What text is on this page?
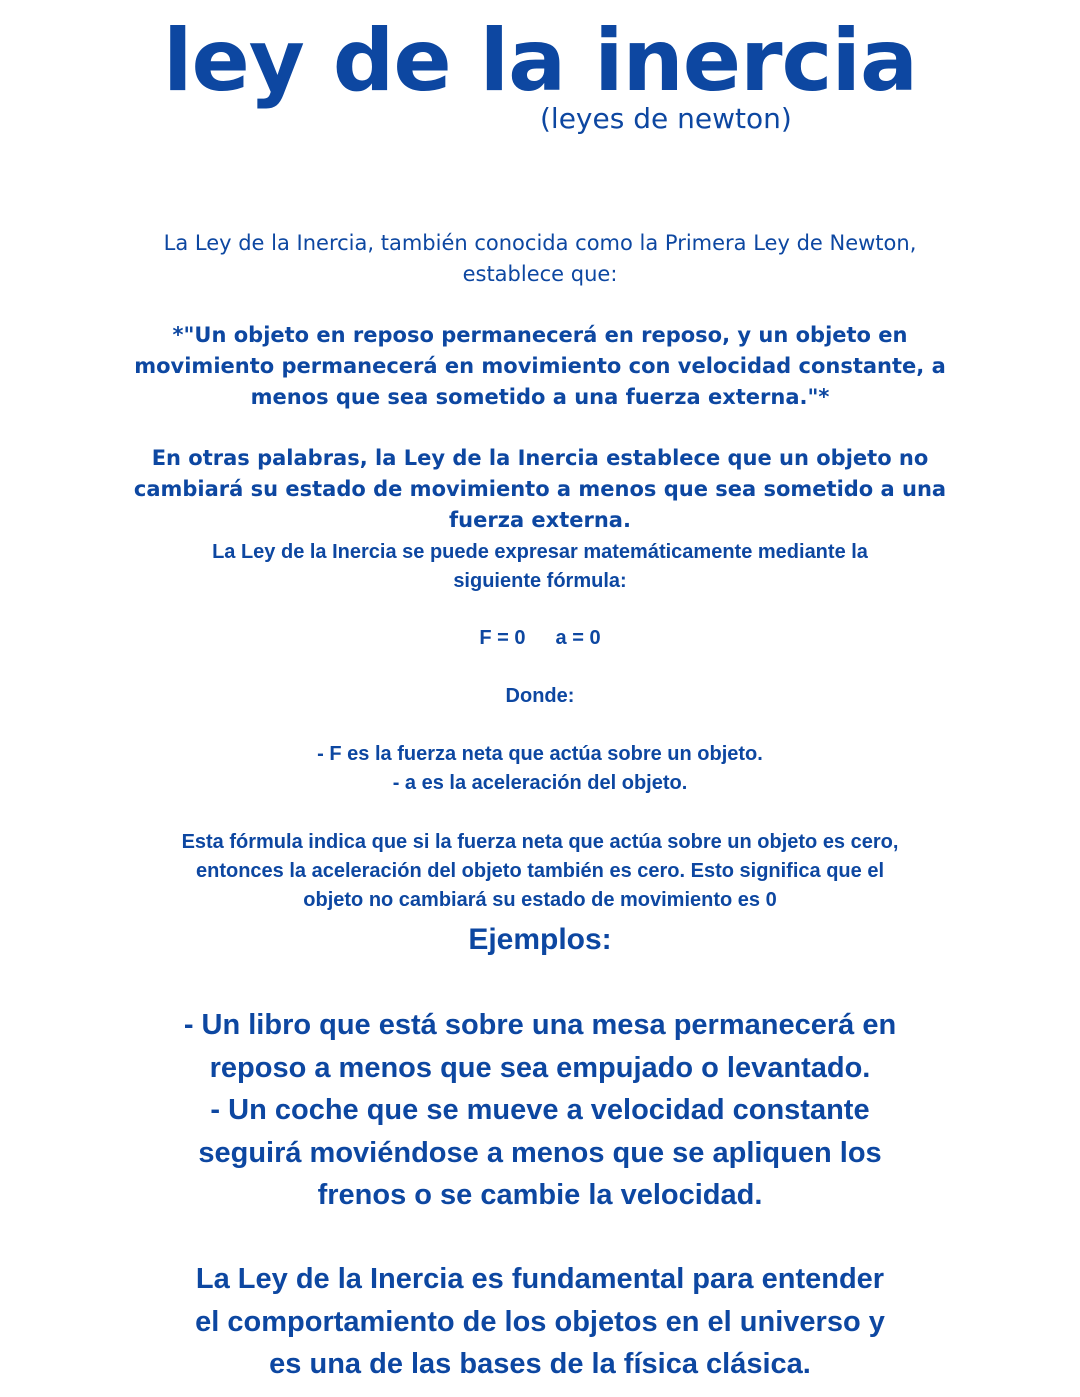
ley de la inercia
(leyes de newton)
La Ley de la Inercia, también conocida como la Primera Ley de Newton,
establece que:
*"Un objeto en reposo permanecerá en reposo, y un objeto en
movimiento permanecerá en movimiento con velocidad constante, a
menos que sea sometido a una fuerza externa."*
En otras palabras, la Ley de la Inercia establece que un objeto no
cambiará su estado de movimiento a menos que sea sometido a una
fuerza externa.
La Ley de la Inercia se puede expresar matemáticamente mediante la
siguiente fórmula:
F = 0 a = 0
Donde:
- F es la fuerza neta que actúa sobre un objeto.
- a es la aceleración del objeto.
Esta fórmula indica que si la fuerza neta que actúa sobre un objeto es cero,
entonces la aceleración del objeto también es cero. Esto significa que el
objeto no cambiará su estado de movimiento es 0
Ejemplos:
- Un libro que está sobre una mesa permanecerá en
reposo a menos que sea empujado o levantado.
- Un coche que se mueve a velocidad constante
seguirá moviéndose a menos que se apliquen los
frenos o se cambie la velocidad.
La Ley de la Inercia es fundamental para entender
el comportamiento de los objetos en el universo y
es una de las bases de la física clásica.
